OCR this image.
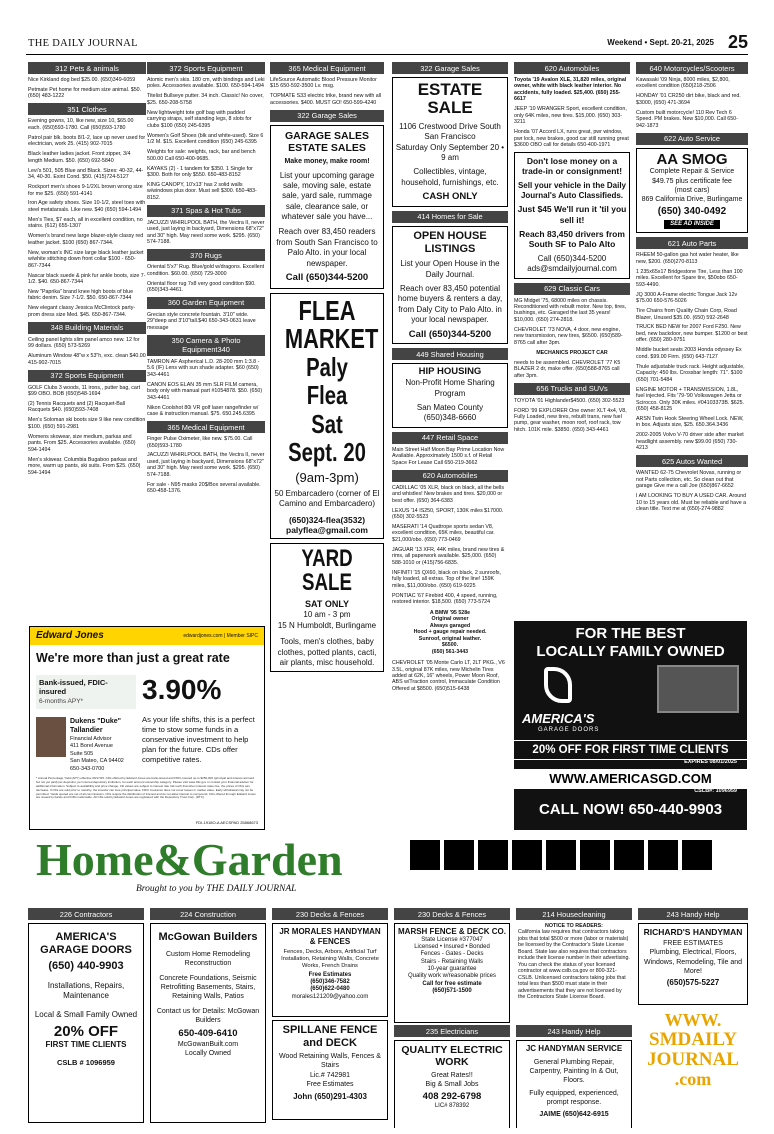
THE DAILY JOURNAL	Weekend • Sept. 20-21, 2025 25
312 Pets & animals
Nice Kirkland dog bed $25.00. (650)349-6059
Petmate Pet home for medium size animal. $50. (650) 483-1222
351 Clothes
Evening gowns, 10, like new, size 10, $65.00 each. (650)593-1780. Call (650)593-1780
Patrol pair blk. boots 8/1-2, lace up never used for electrician, work 25. (415) 902-7015
Black leather ladies jacket. Front zipper, 3/4 length Medium. $50. (650) 692-5840
Levi's 501, 505 Blue and Black. Sizes: 40-32, 44-34, 40-30. Exint Cond. $50. (415)724-5127
Rockport men's shoes 9-1/2XL brown wrong size for me $25. (650) 591-4141
Iron Age safety shoes. Size 10-1/2, steel toes with steel metatarsals. Like new. $40 (650) 594-1494
Men's Ties, $7 each, all in excellent condition, no stains. (612) 655-1307
Women's brand new large blazer-style classy red leather jacket. $100 (650) 867-7344.
New, woman's INC size large black leather jacket w/white stitching down front collar $100 - 650-867-7344
Nascar black suede & pink fur ankle boots, size 7-1/2. $40. 650-867-7344
New "Paprika" brand knee high boots of blue fabric denim. Size 7-1/2. $50. 650-867-7344
New elegant classy Jessica McClintock party-prom dress size Med. $45. 650-867-7344.
348 Building Materials
Ceiling panel lights slim panel amco new. 12 for 99 dollars. (650) 573-5269
Aluminum Window 48"w x 53"h, exc. clean $40.00 415-902-7015
372 Sports Equipment
GOLF Clubs 3 woods, 11 irons,, putter bag, cart $99 OBO. BOB (650)548-1694
(2) Tennis Racquets and (2) Racquet-Ball Racquets $40. (650)593-7408
Men's Soloman ski boots size 9 like new condition $100. (650) 591-2981
Womens skowear, size medium, parkas and pants. From $25. Accessories available. (650) 594-1494
Men's skiwear. Columbia Bugaboo parkas and more, warm up pants, ski suits. From $25. (650) 594-1494
372 Sports Equipment
Atomic men's skis. 180 cm, with bindings and Leki poles. Accessories available. $100. 650-594-1494
Titelist Bullseye putter. 34 inch. Classic! No cover, $25. 650-208-5758
New lightweight tote golf bag with padded carrying straps, self standing legs, 8 slots for clubs $100 (650) 245-6395
Women's Golf Shoes (blk and white-used). Size 6 1/2 M. $15. Excellent condition (650) 245-6395
Weights for sale: weights, rack, bar and bench 500.00 Call 650-400-9685.
KAYAKS (2) - 1 tandem for $350. 1 Single for $300. Both for only $550. 650-483-8152
KING CANOPY, 10'x13' has 2 solid walls w/windows plus door. Must sell $300. 650-483-8152.
371 Spas & Hot Tubs
JACUZZI WHIRLPOOL BATH, the Vectra II, never used, just laying in backyard, Dimensions 68"x72" and 30" high. May need some work. $295. (650) 574-7188.
370 Rugs
Oriental 5'x7' Rug. Blue/gold w/dragons. Excellent condition. $60.00. (650) 729-3000
Oriental floor rug 7x8 very good condition $90. (650)343-4461.
360 Garden Equipment
Grecian style concrete fountain. 3'10" wide. 29"deep and 3'10"tall.$40 650-343-0631 leave message
350 Camera & Photo Equipment340
TAMRON AF Aspherical L.D. 28-200 mm 1:3.8 - 5.6 (IF) Lens with sun shade adapter. $60 (650) 343-4461
CANON EOS ELAN 35 mm SLR FILM camera, body only with manual part #1054878. $50. (650) 343-4461
Nikon Coolshot 80i VR golf laser rangefinder w/ case & instruction manual. $75. 650.245.6395
365 Medical Equipment
Finger Pulse Oximeter, like new. $75.00. Call (650)593-1780
JACUZZI WHIRLPOOL BATH, the Vectra II, never used, just laying in backyard, Dimensions 68"x72" and 30" high. May need some work. $295. (650) 574-7188.
For sale - N95 masks 20$/Box several available. 650-458-1376.
365 Medical Equipment
LifeSource Automatic Blood Pressure Monitor $15 650-592-3500 Lv. msg.
TOPMATE S33 electric trike, brand new with all accessories. $400. MUST GO! 650-599-4240
322 Garage Sales
GARAGE SALES ESTATE SALES
Make money, make room!
List your upcoming garage sale, moving sale, estate sale, yard sale, rummage sale, clearance sale, or whatever sale you have...
Reach over 83,450 readers from South San Francisco to Palo Alto. in your local newspaper.
Call (650)344-5200
FLEA
MARKET
Paly Flea
Sat
Sept. 20
(9am-3pm)
50 Embarcadero (corner of El Camino and Embarcadero)
(650)324-flea(3532) palyflea@gmail.com
YARD
SALE
SAT ONLY
10 am - 3 pm
15 N Humboldt, Burlingame
Tools, men's clothes, baby clothes, potted plants, cacti, air plants, misc household.
322 Garage Sales
ESTATE SALE
1106 Crestwood Drive South San Francisco
Saturday Only September 20 • 9 am
Collectibles, vintage, household, furnishings, etc.
CASH ONLY
414 Homes for Sale
OPEN HOUSE LISTINGS
List your Open House in the Daily Journal.
Reach over 83,450 potential home buyers & renters a day, from Daly City to Palo Alto. in your local newspaper.
Call (650)344-5200
449 Shared Housing
HIP HOUSING
Non-Profit Home Sharing Program
San Mateo County
(650)348-6660
447 Retail Space
Main Street Half Moon Bay Prime Location Now Available. Approximately 1500 s.f. of Retail Space For Lease Call 650-219-3662
620 Automobiles
CADILLAC '05 XLR, black on black, all the bells and whistles! New brakes and tires. $20,000 or best offer. (650) 364-6383
LEXUS '14 IS250, SPORT, 130K miles $17000. (650) 302-5523
MASERATI '14 Quattrope sports sedan V8, excellent condition, 65K miles, beautiful car. $21,000/obo. (650) 773-0469
JAGUAR '13 XFR, 44K miles, brand new tires & rims, all paperwork available. $25,000. (650) 588-1010 or (415)756-6835.
INFINITI '15 QX60, black on black, 2 sunroofs, fully loaded, all extras. Top of the line! 159K miles, $11,000/obo. (650) 619-9225
PONTIAC '67 Firebird 400, 4 speed, running, restored interior. $18,500. (650) 773-5724
A BMW '95 528e
Original owner
Always garaged
Hood + gauge repair needed.
Sunroof, original leather.
$6500.
(650) 561-3443
CHEVROLET '05 Monte Carlo LT, 2LT PKG., V6 3.5L, original 87K miles, new Michelin Tires added at 62K, 16" wheels, Power Moon Roof, ABS w/Traction control, Immaculate Condition Offered at $8500. (650)515-6438
620 Automobiles
Toyota '19 Avalon XLE, 31,820 miles, original owner, white with black leather interior. No accidents, fully loaded. $25,400. (650) 255-6617
JEEP '10 WRANGER Sport, excellent condition, only 64K miles, new tires. $15,000. (650) 303-3211
Honda '07 Accord LX, runs great, pwr window, pwr lock, new brakes, good car still running great $3600 OBO call for details 650-400-1971
Don't lose money on a trade-in or consignment!
Sell your vehicle in the Daily Journal's Auto Classifieds.
Just $45 We'll run it 'til you sell it!
Reach 83,450 drivers from South SF to Palo Alto
Call (650)344-5200
ads@smdailyjournal.com
629 Classic Cars
MG Midget '75, 68000 miles on chassis. Reconditioned with rebuilt motor. New top, tires, bushings, etc. Garaged the last 35 years! $10,000. (650) 274-2818.
CHEVROLET '73 NOVA, 4 door, new engine, new transmission, new tires, $6500. (650)589-8765 call after 3pm.
MECHANICS PROJECT CAR
needs to be assembled. CHEVROLET '77 K5 BLAZER 2 dr, make offer. (650)588-8765 call after 3pm.
656 Trucks and SUVs
TOYOTA '01 Highlander$4500. (650) 302-5523
FORD '99 EXPLORER One owner XLT 4x4, V8, Fully Loaded, new tires, rebuilt trans, new fuel pump, gear washer, moon roof, roof rack, tow hitch. 101K mile. $3850. (650) 343-4461
640 Motorcycles/Scooters
Kawasaki '09 Ninja, 8000 miles, $2,800, excellent condition (650)218-2506
HONDAY '01 CR250 dirt bike, black and red. $3000, (650) 471-3694
Custom built motorcycle! 110 Rev Tech 6 Speed. PM brakes. New $10,000. Call 650-942-1873
622 Auto Service
AA SMOG
Complete Repair & Service
$49.75 plus certificate fee
(most cars)
869 California Drive, Burlingame
(650) 340-0492
SEE AD INSIDE
621 Auto Parts
RHEEM 50-gallon gas hot water heater, like new, $200. (650)270-8113
1 235x65x17 Bridgestone Tire, Less than 100 miles. Excellent for Spare tire, $50obo 650-593-4490.
JQ 3000 A-Frame electric Tongue Jack 12v $75.00 650-576-5026
Tire Chains from Quality Chain Corp, Road Blazer, Unused $35.00. (650) 592-2648
TRUCK BED NEW for 2007 Ford F250. New bed, new backdoor, new bumper. $1200 or best offer. (650) 280-9751
Middle bucket seats 2003 Honda odyssey Ex cond. $99.00 Firm. (650) 643-7127
Thule adjustable truck rack. Height adjustable, Capacity: 450 lbs. Crossbar length: 71". $100 (650) 701-5484
ENGINE MOTOR + TRANSMISSION, 1.8L, fuel injected. Fits '79-'90 Volkswagen Jetta or Scirocco. Only 30K miles. #04103373B. $625. (650) 458-8125
ARSN Twin Hook Steering Wheel Lock. NEW, in box. Adjusts size, $25. 650.364.3436
2002-2005 Volvo V-70 driver side after market headlight assembly. new $99.00 (650) 730-4213
625 Autos Wanted
WANTED 62-75 Chevrolet Novas, running or not Parts collection, etc. So clean out that garage Give me a call Joe (650)867-6652
I AM LOOKING TO BUY A USED CAR. Around 10 to 15 years old. Must be reliable and have a clean title. Text me at (650)-274-9882
Edward Jones	edwardjones.com | Member SIPC
We're more than just a great rate
Bank-issued, FDIC-insured
6-months APY*	3.90%
Dukens "Duke" Tallandier
Financial Advisor
411 Borel Avenue
Suite 505
San Mateo, CA 94402
650-343-0700
As your life shifts, this is a perfect time to stow some funds in a conservative investment to help plan for the future. CDs offer competitive rates.
* Annual Percentage Yield (APY) effective 09/17/25. CDs offered by Edward Jones are bank-issued and FDIC-insured up to $250,000 (principal and interest accrued but not yet paid) per depositor, per insured depository institution, for each account ownership category. Please visit www.fdic.gov or contact your financial advisor for additional information. Subject to availability and price change. CD values are subject to interest rate risk such that when interest rates rise, the prices of CDs can decrease. If CDs are sold prior to maturity, the investor can lose principal value. FDIC insurance does not cover losses in market value. Early withdrawal may not be permitted. Yields quoted are net of all commissions. CDs require the distribution of interest and do not allow interest to compound. CDs offered through Edward Jones are issued by banks and thrifts nationwide. All CDs sold by Edward Jones are registered with the Depository Trust Corp. (DTC).
FDI-1918O-A AECSPAD 25868673
FOR THE BEST
LOCALLY FAMILY OWNED
AMERICA'S
GARAGE DOORS
20% OFF FOR FIRST TIME CLIENTS
EXPIRES 08/01/2025
WWW.AMERICASGD.COM
CSLB#: 1096959
CALL NOW! 650-440-9903
Home&Garden
Brought to you by THE DAILY JOURNAL
226 Contractors
AMERICA'S GARAGE DOORS
(650) 440-9903
Installations, Repairs, Maintenance
Local & Small Family Owned
20% OFF
FIRST TIME CLIENTS
CSLB # 1096959
224 Construction
McGowan Builders
Custom Home Remodeling Reconstruction
Concrete Foundations, Seismic Retrofitting Basements, Stairs, Retaining Walls, Patios
Contact us for Details: McGowan Builders
650-409-6410
McGowanBuilt.com
Locally Owned
230 Decks & Fences
JR MORALES HANDYMAN & FENCES
Fences, Decks, Arbors, Artificial Turf Installation, Retaining Walls, Concrete Works, French Drains
Free Estimates
(650)346-7582
(650)622-0480
morales121209@yahoo.com
SPILLANE FENCE and DECK
Wood Retaining Walls, Fences & Stairs
Lic.# 742981
Free Estimates
John (650)291-4303
230 Decks & Fences
MARSH FENCE & DECK CO.
State License #377047
Licensed • Insured • Bonded
Fences - Gates - Decks
Stairs - Retaining Walls
10-year guarantee
Quality work w/reasonable prices
Call for free estimate
(650)571-1500
235 Electricians
QUALITY ELECTRIC WORK
Great Rates!!
Big & Small Jobs
408 292-6798
LIC# 878392
214 Housecleaning
NOTICE TO READERS:
California law requires that contractors taking jobs that total $500 or more (labor or materials) be licensed by the Contractor's State License Board. State law also requires that contractors include their license number in their advertising. You can check the status of your licensed contractor at www.cslb.ca.gov or 800-321-CSLB. Unlicensed contractors taking jobs that total less than $500 must state in their advertisements that they are not licensed by the Contractors State License Board.
243 Handy Help
JC HANDYMAN SERVICE
General Plumbing Repair, Carpentry, Painting In & Out, Floors.
Fully equipped, experienced, prompt response.
JAIME (650)642-6915
243 Handy Help
RICHARD'S HANDYMAN
FREE ESTIMATES
Plumbing, Electrical, Floors, Windows, Remodeling, Tile and More!
(650)575-5227
WWW.
SMDAILY
JOURNAL
.com
